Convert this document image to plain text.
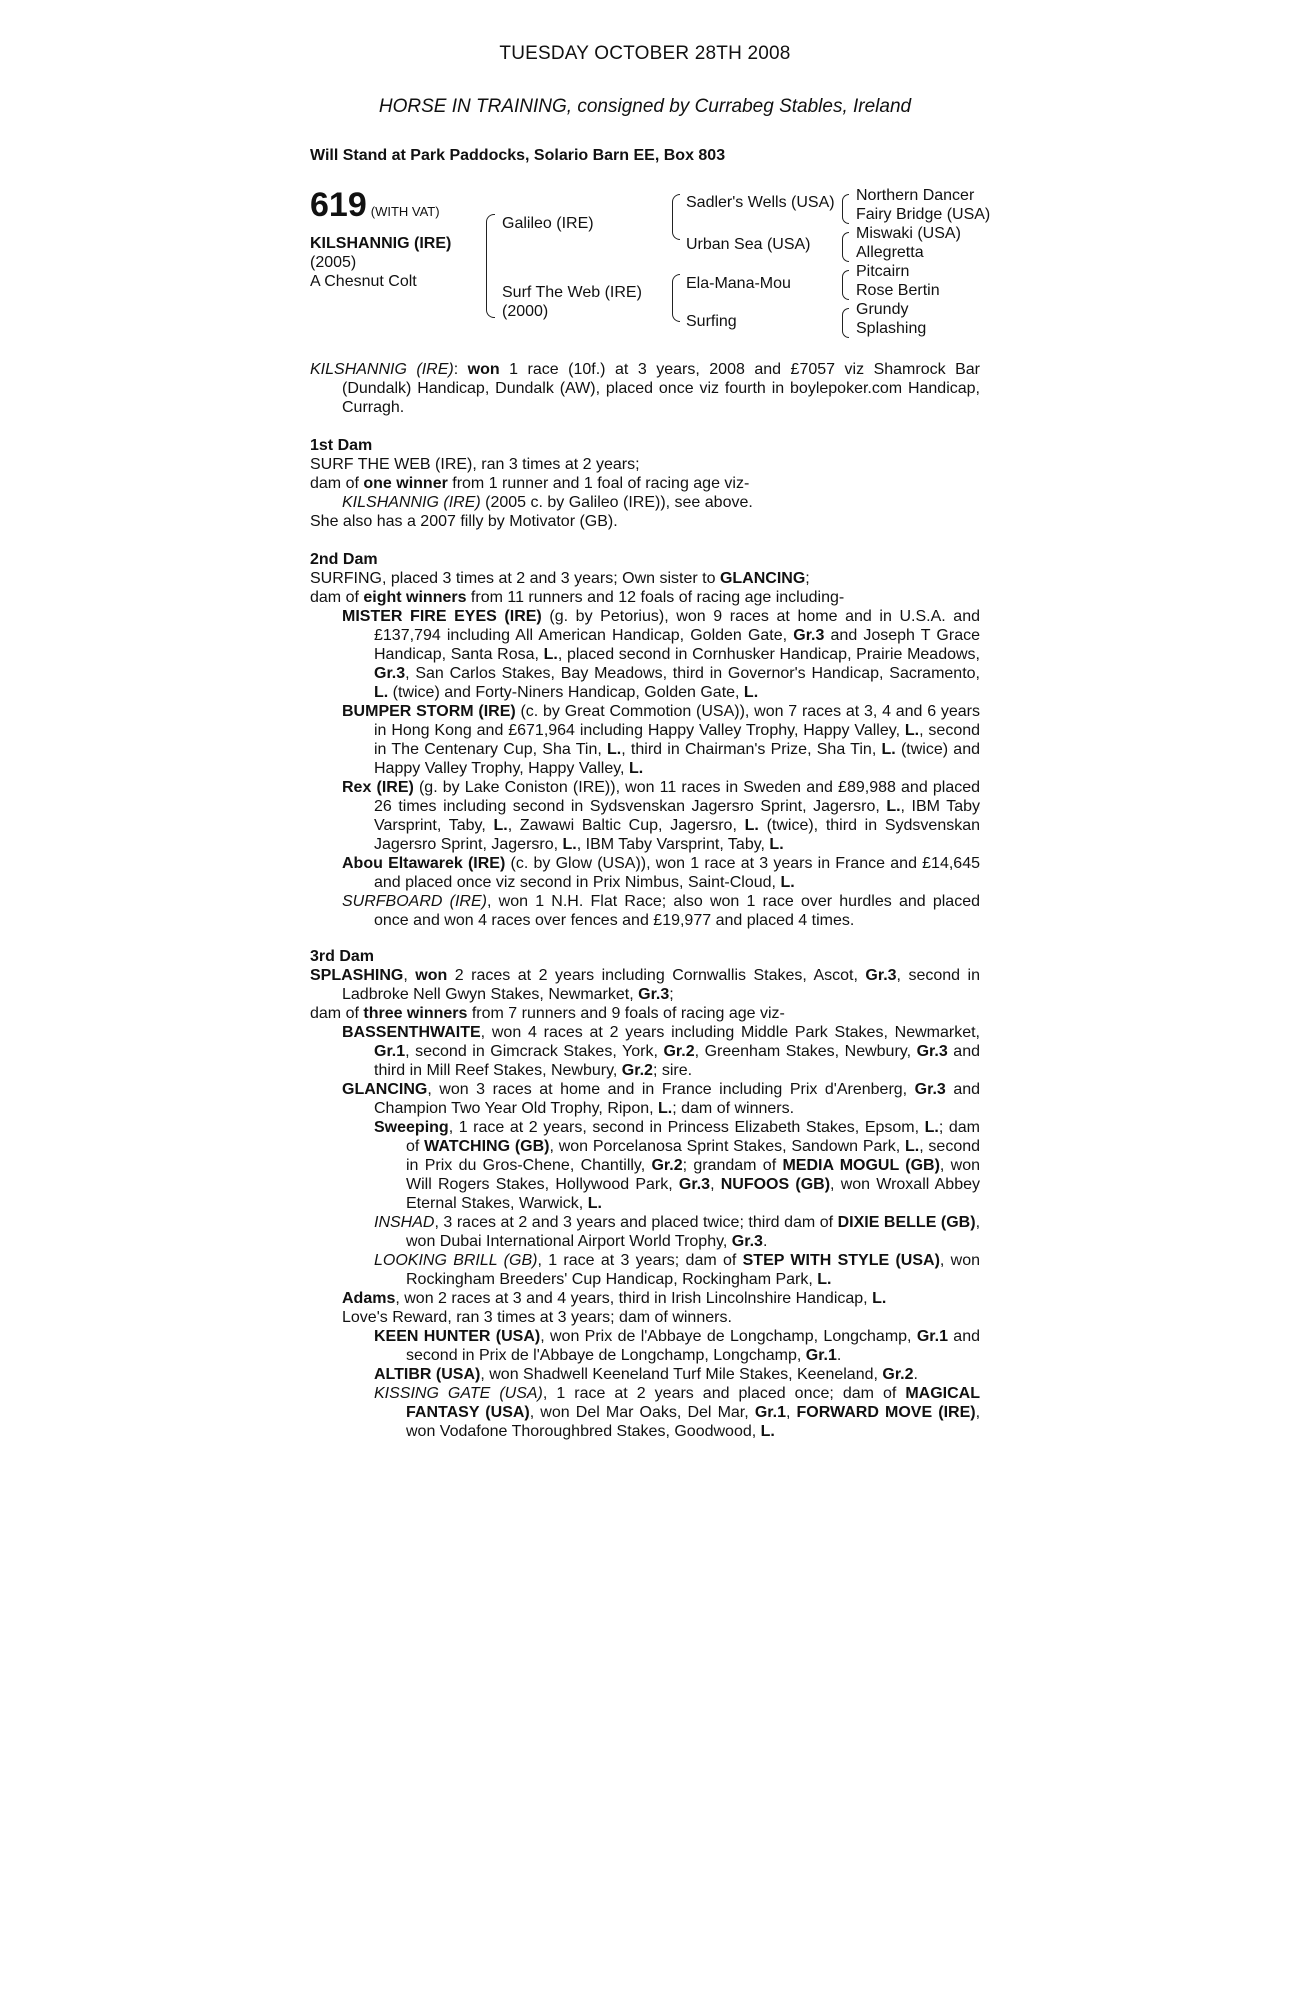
TUESDAY OCTOBER 28TH 2008
HORSE IN TRAINING, consigned by Currabeg Stables, Ireland
Will Stand at Park Paddocks, Solario Barn EE, Box 803
619 (WITH VAT)
KILSHANNIG (IRE)
(2005)
A Chesnut Colt
Galileo (IRE)
Surf The Web (IRE)
(2000)
Sadler's Wells (USA)
Urban Sea (USA)
Ela-Mana-Mou
Surfing
Northern Dancer
Fairy Bridge (USA)
Miswaki (USA)
Allegretta
Pitcairn
Rose Bertin
Grundy
Splashing

KILSHANNIG (IRE): won 1 race (10f.) at 3 years, 2008 and £7057 viz Shamrock Bar (Dundalk) Handicap, Dundalk (AW), placed once viz fourth in boylepoker.com Handicap, Curragh.

1st Dam

SURF THE WEB (IRE), ran 3 times at 2 years;

dam of one winner from 1 runner and 1 foal of racing age viz-

KILSHANNIG (IRE) (2005 c. by Galileo (IRE)), see above.

She also has a 2007 filly by Motivator (GB).

2nd Dam

SURFING, placed 3 times at 2 and 3 years; Own sister to GLANCING;

dam of eight winners from 11 runners and 12 foals of racing age including-

MISTER FIRE EYES (IRE) (g. by Petorius), won 9 races at home and in U.S.A. and £137,794 including All American Handicap, Golden Gate, Gr.3 and Joseph T Grace Handicap, Santa Rosa, L., placed second in Cornhusker Handicap, Prairie Meadows, Gr.3, San Carlos Stakes, Bay Meadows, third in Governor's Handicap, Sacramento, L. (twice) and Forty-Niners Handicap, Golden Gate, L.

BUMPER STORM (IRE) (c. by Great Commotion (USA)), won 7 races at 3, 4 and 6 years in Hong Kong and £671,964 including Happy Valley Trophy, Happy Valley, L., second in The Centenary Cup, Sha Tin, L., third in Chairman's Prize, Sha Tin, L. (twice) and Happy Valley Trophy, Happy Valley, L.

Rex (IRE) (g. by Lake Coniston (IRE)), won 11 races in Sweden and £89,988 and placed 26 times including second in Sydsvenskan Jagersro Sprint, Jagersro, L., IBM Taby Varsprint, Taby, L., Zawawi Baltic Cup, Jagersro, L. (twice), third in Sydsvenskan Jagersro Sprint, Jagersro, L., IBM Taby Varsprint, Taby, L.

Abou Eltawarek (IRE) (c. by Glow (USA)), won 1 race at 3 years in France and £14,645 and placed once viz second in Prix Nimbus, Saint-Cloud, L.

SURFBOARD (IRE), won 1 N.H. Flat Race; also won 1 race over hurdles and placed once and won 4 races over fences and £19,977 and placed 4 times.

3rd Dam

SPLASHING, won 2 races at 2 years including Cornwallis Stakes, Ascot, Gr.3, second in Ladbroke Nell Gwyn Stakes, Newmarket, Gr.3;

dam of three winners from 7 runners and 9 foals of racing age viz-

BASSENTHWAITE, won 4 races at 2 years including Middle Park Stakes, Newmarket, Gr.1, second in Gimcrack Stakes, York, Gr.2, Greenham Stakes, Newbury, Gr.3 and third in Mill Reef Stakes, Newbury, Gr.2; sire.

GLANCING, won 3 races at home and in France including Prix d'Arenberg, Gr.3 and Champion Two Year Old Trophy, Ripon, L.; dam of winners.

Sweeping, 1 race at 2 years, second in Princess Elizabeth Stakes, Epsom, L.; dam of WATCHING (GB), won Porcelanosa Sprint Stakes, Sandown Park, L., second in Prix du Gros-Chene, Chantilly, Gr.2; grandam of MEDIA MOGUL (GB), won Will Rogers Stakes, Hollywood Park, Gr.3, NUFOOS (GB), won Wroxall Abbey Eternal Stakes, Warwick, L.

INSHAD, 3 races at 2 and 3 years and placed twice; third dam of DIXIE BELLE (GB), won Dubai International Airport World Trophy, Gr.3.

LOOKING BRILL (GB), 1 race at 3 years; dam of STEP WITH STYLE (USA), won Rockingham Breeders' Cup Handicap, Rockingham Park, L.

Adams, won 2 races at 3 and 4 years, third in Irish Lincolnshire Handicap, L.

Love's Reward, ran 3 times at 3 years; dam of winners.

KEEN HUNTER (USA), won Prix de l'Abbaye de Longchamp, Longchamp, Gr.1 and second in Prix de l'Abbaye de Longchamp, Longchamp, Gr.1.

ALTIBR (USA), won Shadwell Keeneland Turf Mile Stakes, Keeneland, Gr.2.

KISSING GATE (USA), 1 race at 2 years and placed once; dam of MAGICAL FANTASY (USA), won Del Mar Oaks, Del Mar, Gr.1, FORWARD MOVE (IRE), won Vodafone Thoroughbred Stakes, Goodwood, L.
